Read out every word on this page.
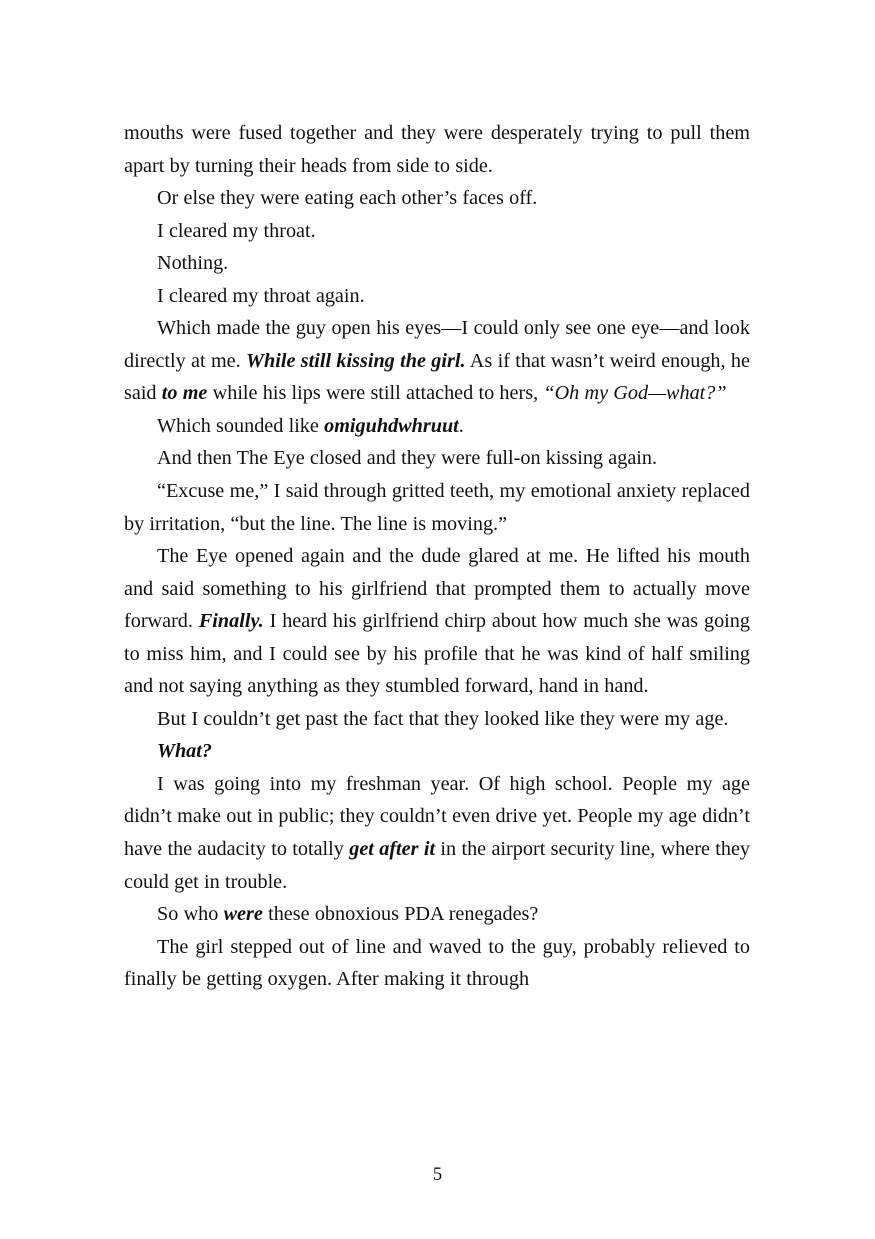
mouths were fused together and they were desperately trying to pull them apart by turning their heads from side to side.

Or else they were eating each other’s faces off.

I cleared my throat.

Nothing.

I cleared my throat again.

Which made the guy open his eyes—I could only see one eye—and look directly at me. While still kissing the girl. As if that wasn’t weird enough, he said to me while his lips were still attached to hers, “Oh my God—what?”

Which sounded like omiguhdwhruut.

And then The Eye closed and they were full-on kissing again.

“Excuse me,” I said through gritted teeth, my emotional anxiety replaced by irritation, “but the line. The line is moving.”

The Eye opened again and the dude glared at me. He lifted his mouth and said something to his girlfriend that prompted them to actually move forward. Finally. I heard his girlfriend chirp about how much she was going to miss him, and I could see by his profile that he was kind of half smiling and not saying anything as they stumbled forward, hand in hand.

But I couldn’t get past the fact that they looked like they were my age.

What?

I was going into my freshman year. Of high school. People my age didn’t make out in public; they couldn’t even drive yet. People my age didn’t have the audacity to totally get after it in the airport security line, where they could get in trouble.

So who were these obnoxious PDA renegades?

The girl stepped out of line and waved to the guy, probably relieved to finally be getting oxygen. After making it through

5
